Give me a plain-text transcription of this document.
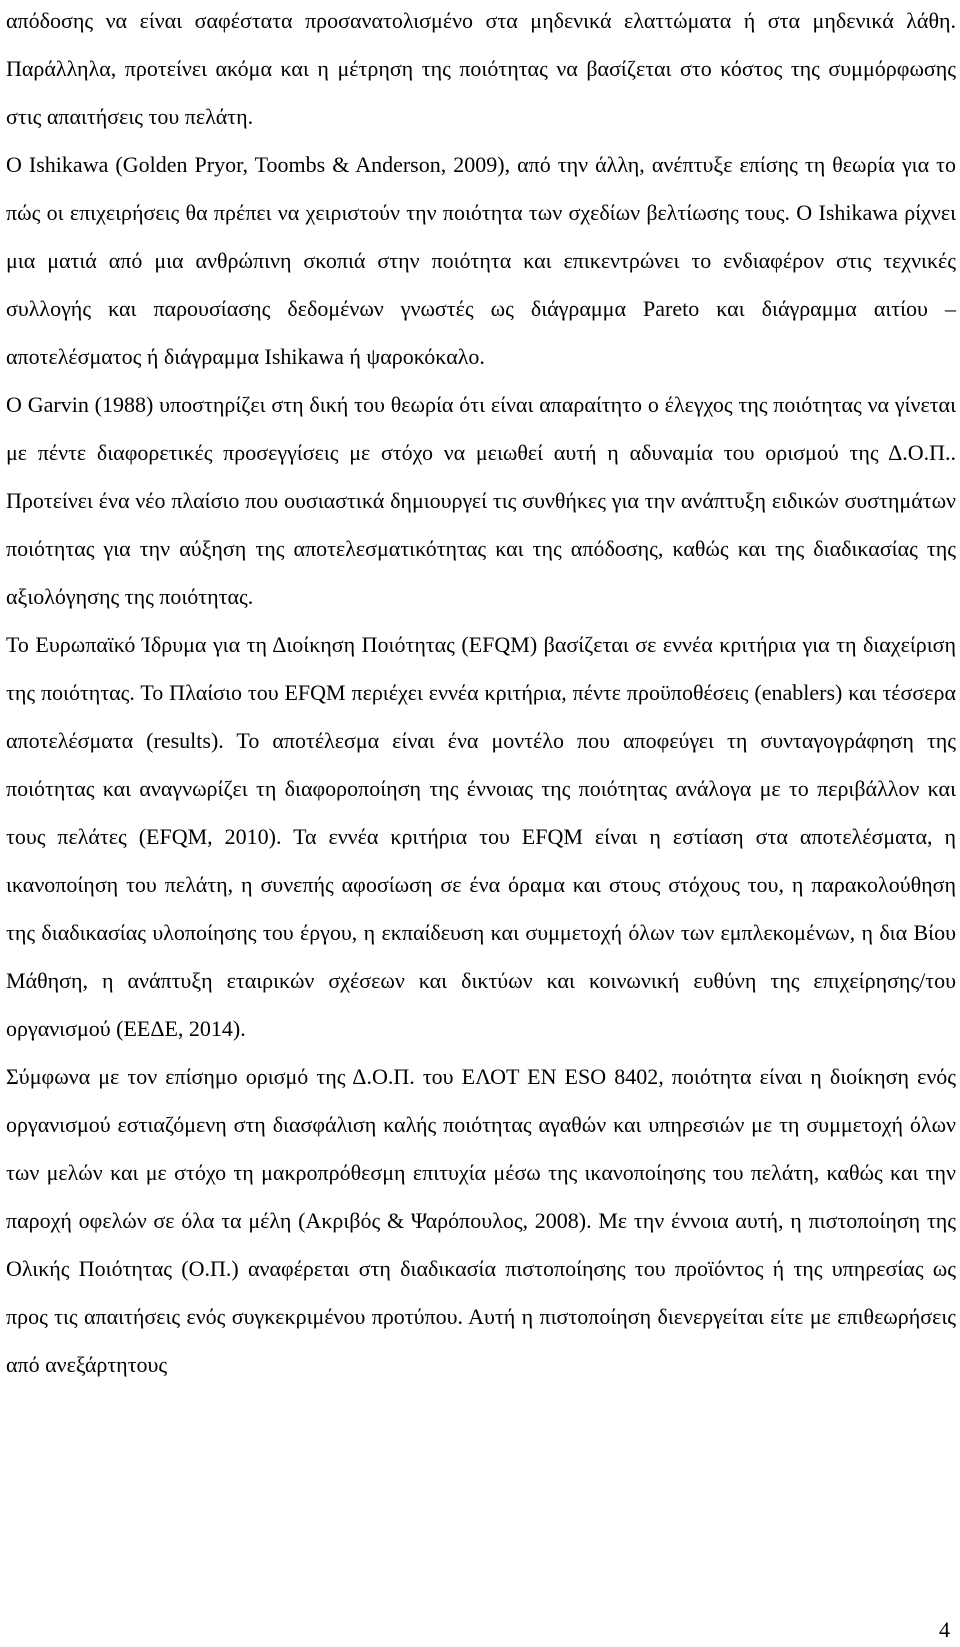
απόδοσης να είναι σαφέστατα προσανατολισμένο στα μηδενικά ελαττώματα ή στα μηδενικά λάθη. Παράλληλα, προτείνει ακόμα και η μέτρηση της ποιότητας να βασίζεται στο κόστος της συμμόρφωσης στις απαιτήσεις του πελάτη.

Ο Ishikawa (Golden Pryor, Toombs & Anderson, 2009), από την άλλη, ανέπτυξε επίσης τη θεωρία για το πώς οι επιχειρήσεις θα πρέπει να χειριστούν την ποιότητα των σχεδίων βελτίωσης τους. Ο Ishikawa ρίχνει μια ματιά από μια ανθρώπινη σκοπιά στην ποιότητα και επικεντρώνει το ενδιαφέρον στις τεχνικές συλλογής και παρουσίασης δεδομένων γνωστές ως διάγραμμα Pareto και διάγραμμα αιτίου – αποτελέσματος ή διάγραμμα Ishikawa ή ψαροκόκαλο.

Ο Garvin (1988) υποστηρίζει στη δική του θεωρία ότι είναι απαραίτητο ο έλεγχος της ποιότητας να γίνεται με πέντε διαφορετικές προσεγγίσεις με στόχο να μειωθεί αυτή η αδυναμία του ορισμού της Δ.Ο.Π.. Προτείνει ένα νέο πλαίσιο που ουσιαστικά δημιουργεί τις συνθήκες για την ανάπτυξη ειδικών συστημάτων ποιότητας για την αύξηση της αποτελεσματικότητας και της απόδοσης, καθώς και της διαδικασίας της αξιολόγησης της ποιότητας.

Το Ευρωπαϊκό Ίδρυμα για τη Διοίκηση Ποιότητας (EFQM) βασίζεται σε εννέα κριτήρια για τη διαχείριση της ποιότητας. Το Πλαίσιο του EFQM περιέχει εννέα κριτήρια, πέντε προϋποθέσεις (enablers) και τέσσερα αποτελέσματα (results). Το αποτέλεσμα είναι ένα μοντέλο που αποφεύγει τη συνταγογράφηση της ποιότητας και αναγνωρίζει τη διαφοροποίηση της έννοιας της ποιότητας ανάλογα με το περιβάλλον και τους πελάτες (EFQM, 2010). Τα εννέα κριτήρια του EFQM είναι η εστίαση στα αποτελέσματα, η ικανοποίηση του πελάτη, η συνεπής αφοσίωση σε ένα όραμα και στους στόχους του, η παρακολούθηση της διαδικασίας υλοποίησης του έργου, η εκπαίδευση και συμμετοχή όλων των εμπλεκομένων, η δια Βίου Μάθηση, η ανάπτυξη εταιρικών σχέσεων και δικτύων και κοινωνική ευθύνη της επιχείρησης/του οργανισμού (ΕΕΔΕ, 2014).

Σύμφωνα με τον επίσημο ορισμό της Δ.Ο.Π. του ΕΛΟΤ EN ESO 8402, ποιότητα είναι η διοίκηση ενός οργανισμού εστιαζόμενη στη διασφάλιση καλής ποιότητας αγαθών και υπηρεσιών με τη συμμετοχή όλων των μελών και με στόχο τη μακροπρόθεσμη επιτυχία μέσω της ικανοποίησης του πελάτη, καθώς και την παροχή οφελών σε όλα τα μέλη (Ακριβός & Ψαρόπουλος, 2008). Με την έννοια αυτή, η πιστοποίηση της Ολικής Ποιότητας (Ο.Π.) αναφέρεται στη διαδικασία πιστοποίησης του προϊόντος ή της υπηρεσίας ως προς τις απαιτήσεις ενός συγκεκριμένου προτύπου. Αυτή η πιστοποίηση διενεργείται είτε με επιθεωρήσεις από ανεξάρτητους

4
